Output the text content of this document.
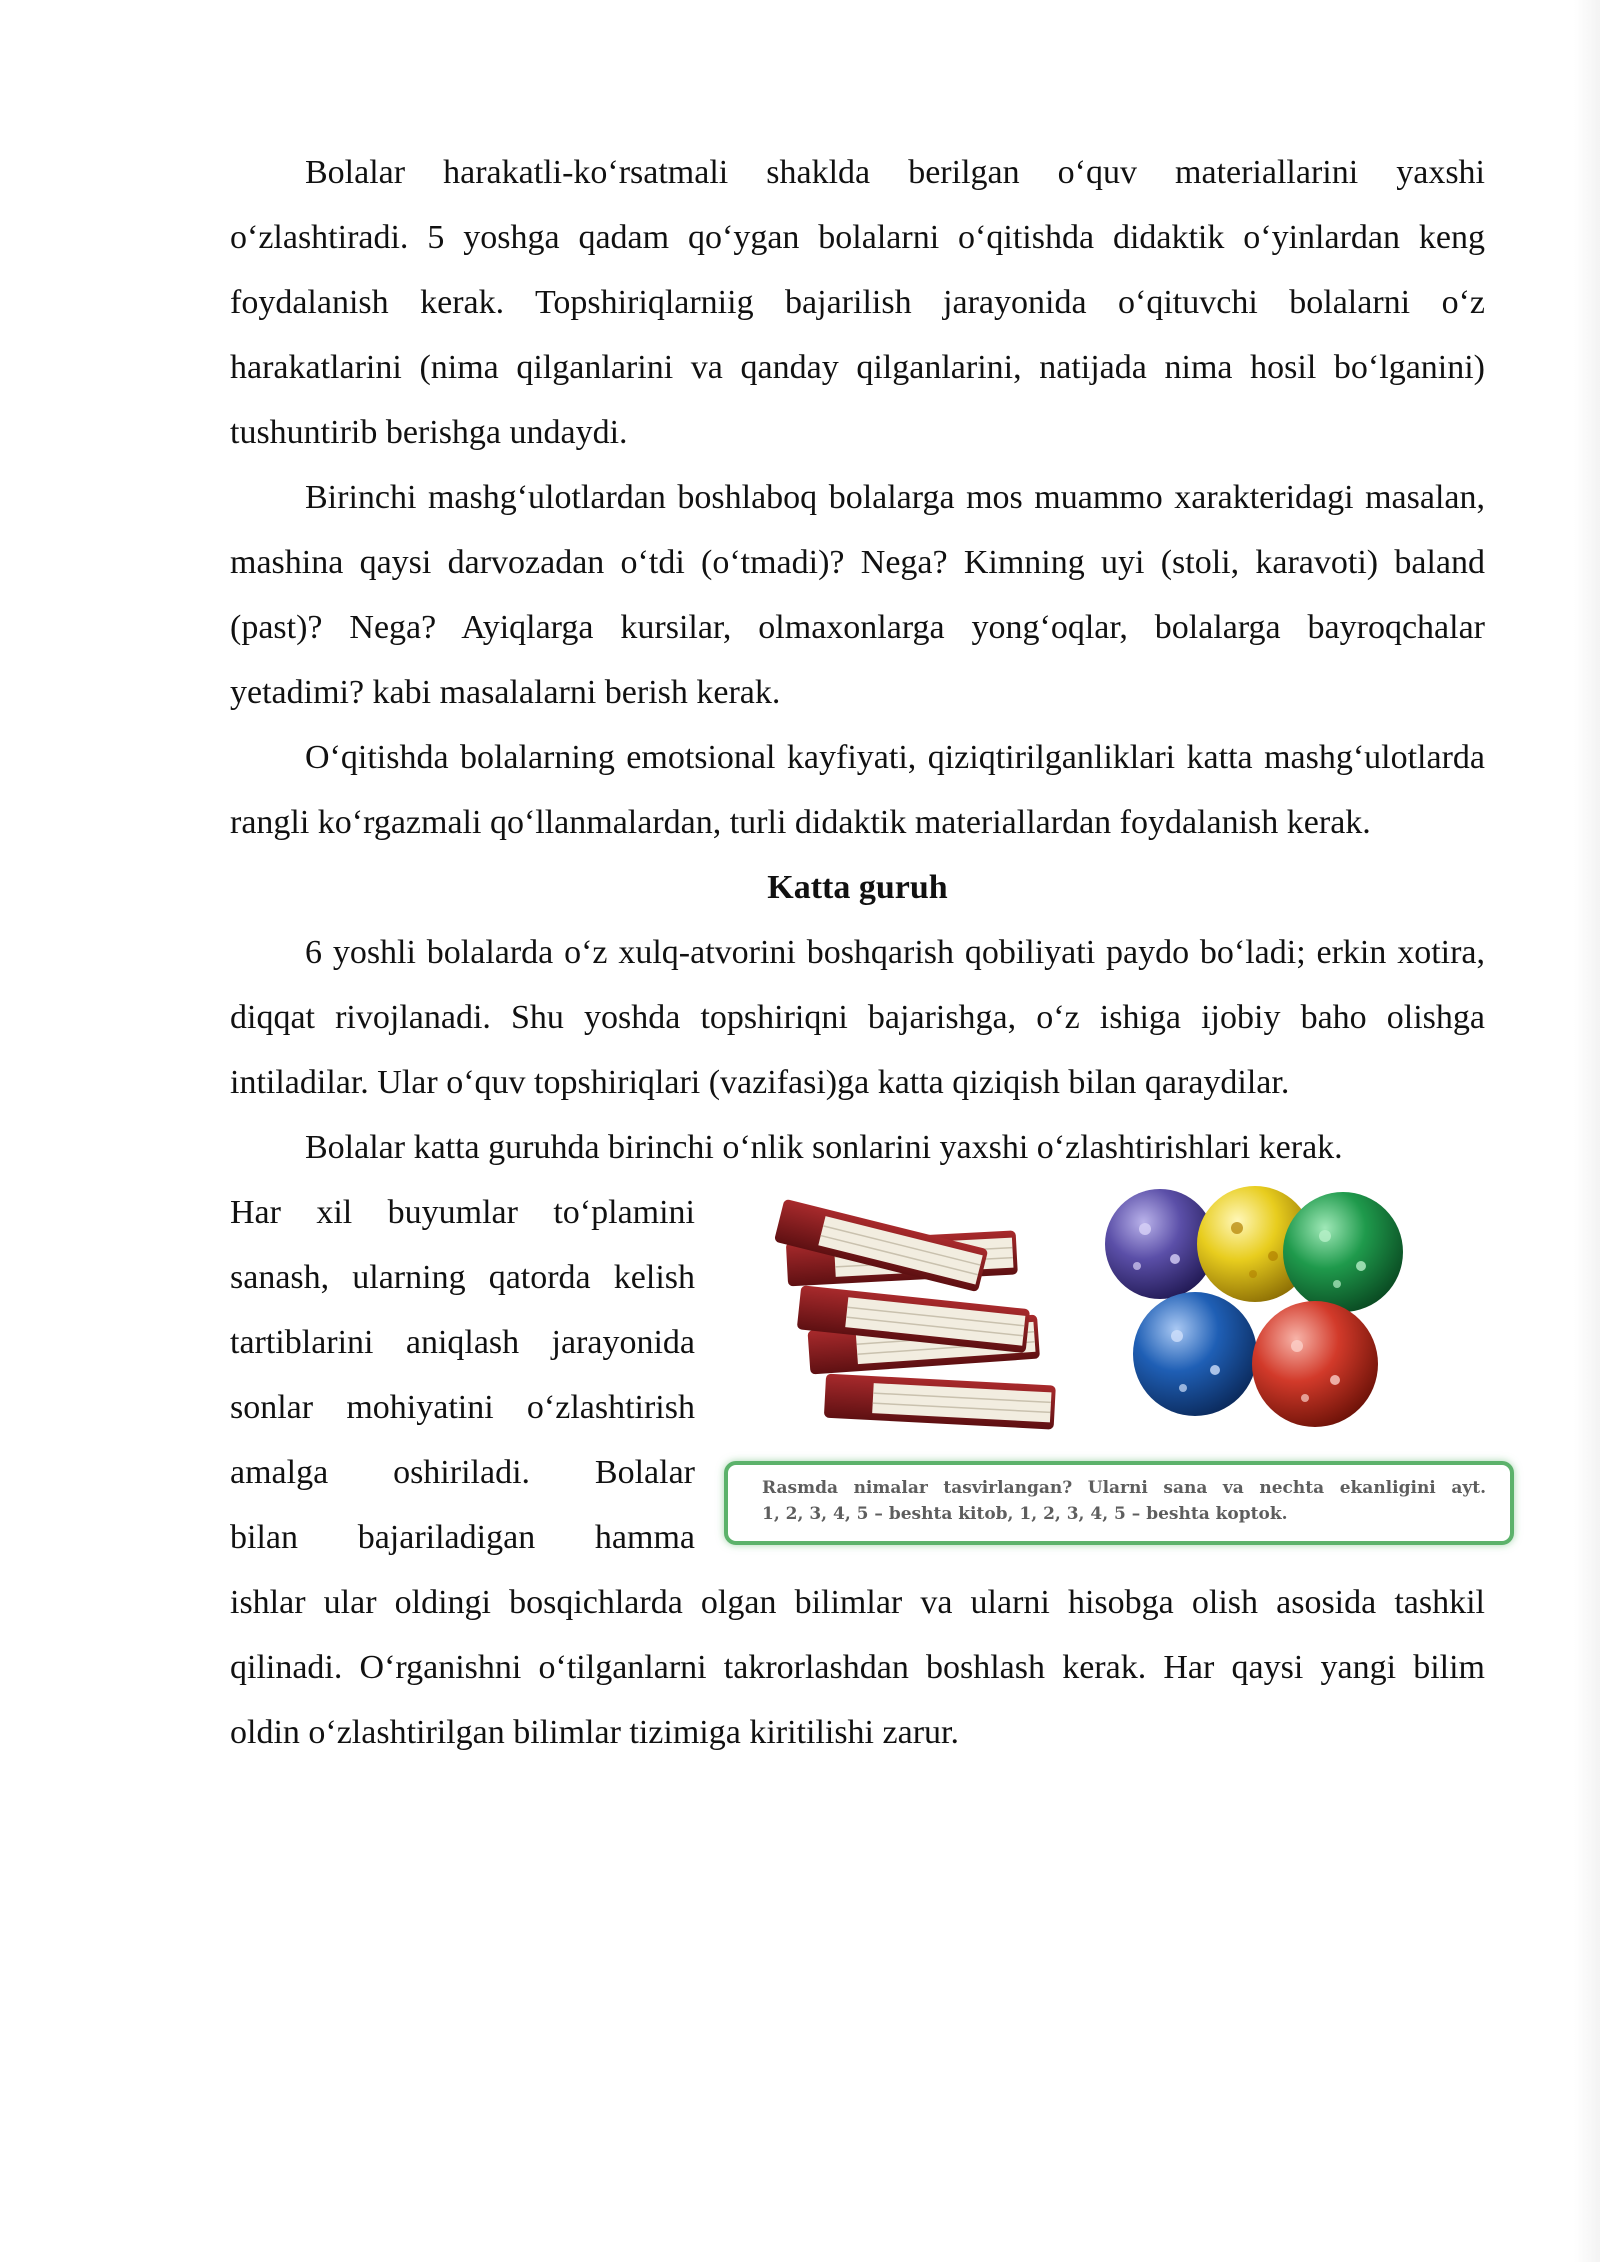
Bolalar harakatli-ko‘rsatmali shaklda berilgan o‘quv materiallarini yaxshi o‘zlashtiradi. 5 yoshga qadam qo‘ygan bolalarni o‘qitishda didaktik o‘yinlardan keng foydalanish kerak. Topshiriqlarniig bajarilish jarayonida o‘qituvchi bolalarni o‘z harakatlarini (nima qilganlarini va qanday qilganlarini, natijada nima hosil bo‘lganini) tushuntirib berishga undaydi.

Birinchi mashg‘ulotlardan boshlaboq bolalarga mos muammo xarakteridagi masalan, mashina qaysi darvozadan o‘tdi (o‘tmadi)? Nega? Kimning uyi (stoli, karavoti) baland (past)? Nega? Ayiqlarga kursilar, olmaxonlarga yong‘oqlar, bolalarga bayroqchalar yetadimi? kabi masalalarni berish kerak.

O‘qitishda bolalarning emotsional kayfiyati, qiziqtirilganliklari katta mashg‘ulotlarda rangli ko‘rgazmali qo‘llanmalardan, turli didaktik materiallardan foydalanish kerak.

Katta guruh

6 yoshli bolalarda o‘z xulq-atvorini boshqarish qobiliyati paydo bo‘ladi; erkin xotira, diqqat rivojlanadi. Shu yoshda topshiriqni bajarishga, o‘z ishiga ijobiy baho olishga intiladilar. Ular o‘quv topshiriqlari (vazifasi)ga katta qiziqish bilan qaraydilar.

Bolalar katta guruhda birinchi o‘nlik sonlarini yaxshi o‘zlashtirishlari kerak.

Har xil buyumlar to‘plamini

sanash, ularning qatorda kelish

tartiblarini aniqlash jarayonida

sonlar mohiyatini o‘zlashtirish

amalga oshiriladi. Bolalar

bilan bajariladigan hamma

Rasmda nimalar tasvirlangan? Ularni sana va nechta ekanligini ayt.
1, 2, 3, 4, 5 – beshta kitob, 1, 2, 3, 4, 5 – beshta koptok.

ishlar ular oldingi bosqichlarda olgan bilimlar va ularni hisobga olish asosida tashkil qilinadi. O‘rganishni o‘tilganlarni takrorlashdan boshlash kerak. Har qaysi yangi bilim oldin o‘zlashtirilgan bilimlar tizimiga kiritilishi zarur.
